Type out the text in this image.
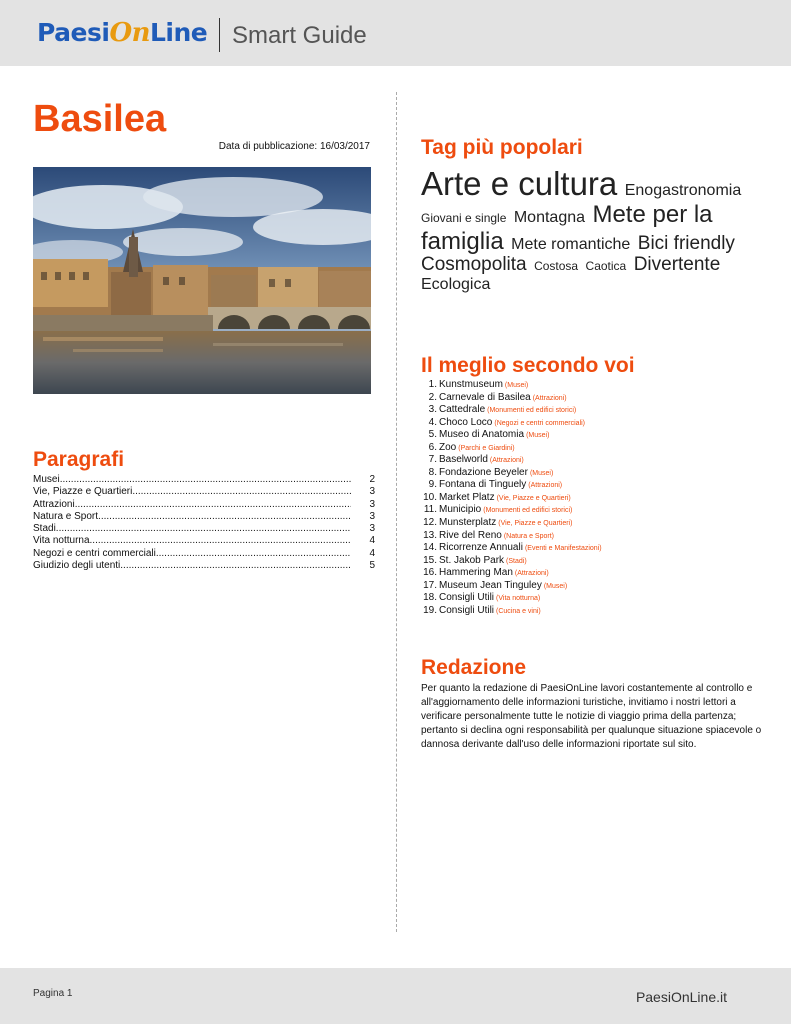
Paesi On Line Smart Guide
Basilea
Data di pubblicazione: 16/03/2017
Paragrafi
Musei .....	2
Vie, Piazze e Quartieri .....	3
Attrazioni .....	3
Natura e Sport .....	3
Stadi .....	3
Vita notturna .....	4
Negozi e centri commerciali .....	4
Giudizio degli utenti .....	5
Tag più popolari
Arte e cultura Enogastronomia Giovani e single Montagna Mete per la famiglia Mete romantiche Bici friendly Cosmopolita Costosa Caotica Divertente Ecologica
Il meglio secondo voi
1. Kunstmuseum (Musei)
2. Carnevale di Basilea (Attrazioni)
3. Cattedrale (Monumenti ed edifici storici)
4. Choco Loco (Negozi e centri commerciali)
5. Museo di Anatomia (Musei)
6. Zoo (Parchi e Giardini)
7. Baselworld (Attrazioni)
8. Fondazione Beyeler (Musei)
9. Fontana di Tinguely (Attrazioni)
10. Market Platz (Vie, Piazze e Quartieri)
11. Municipio (Monumenti ed edifici storici)
12. Munsterplatz (Vie, Piazze e Quartieri)
13. Rive del Reno (Natura e Sport)
14. Ricorrenze Annuali (Eventi e Manifestazioni)
15. St. Jakob Park (Stadi)
16. Hammering Man (Attrazioni)
17. Museum Jean Tinguley (Musei)
18. Consigli Utili (Vita notturna)
19. Consigli Utili (Cucina e vini)
Redazione

Per quanto la redazione di PaesiOnLine lavori costantemente al controllo e all'aggiornamento delle informazioni turistiche, invitiamo i nostri lettori a verificare personalmente tutte le notizie di viaggio prima della partenza; pertanto si declina ogni responsabilità per qualunque situazione spiacevole o dannosa derivante dall'uso delle informazioni riportate sul sito.

Pagina 1	PaesiOnLine.it
